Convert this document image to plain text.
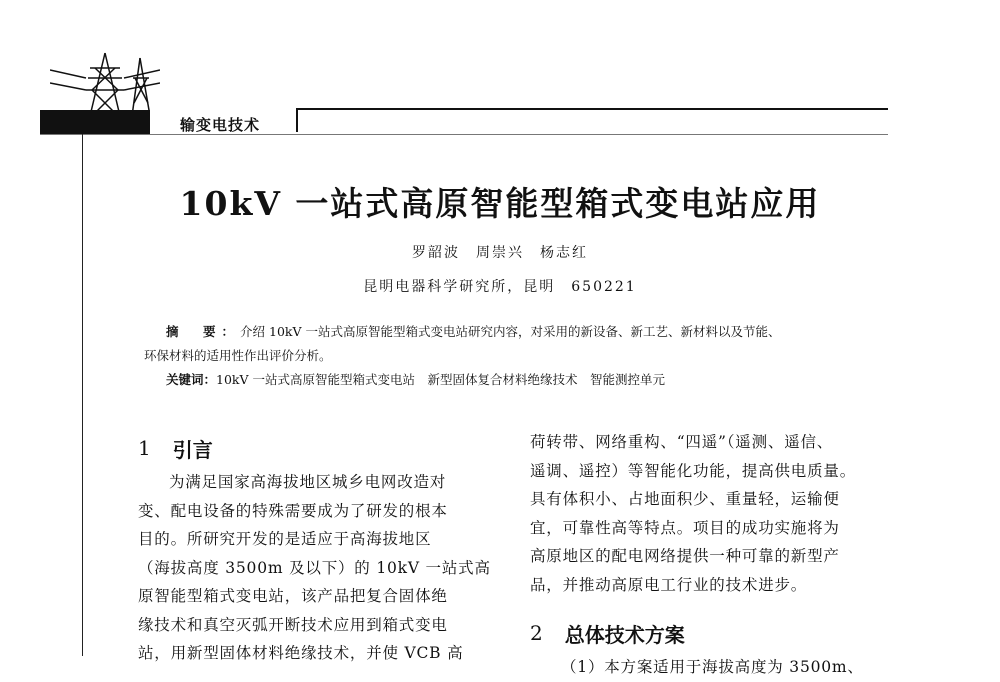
输变电技术
10kV 一站式高原智能型箱式变电站应用
罗韶波　周崇兴　杨志红
昆明电器科学研究所，昆明　650221
摘　要：介绍 10kV 一站式高原智能型箱式变电站研究内容，对采用的新设备、新工艺、新材料以及节能、
环保材料的适用性作出评价分析。
关键词：10kV 一站式高原智能型箱式变电站　新型固体复合材料绝缘技术　智能测控单元
1 引言

为满足国家高海拔地区城乡电网改造对

变、配电设备的特殊需要成为了研发的根本

目的。所研究开发的是适应于高海拔地区

（海拔高度 3500m 及以下）的 10kV 一站式高

原智能型箱式变电站，该产品把复合固体绝

缘技术和真空灭弧开断技术应用到箱式变电

站，用新型固体材料绝缘技术，并使 VCB 高

荷转带、网络重构、“四遥”（遥测、遥信、

遥调、遥控）等智能化功能，提高供电质量。

具有体积小、占地面积少、重量轻，运输便

宜，可靠性高等特点。项目的成功实施将为

高原地区的配电网络提供一种可靠的新型产

品，并推动高原电工行业的技术进步。

2 总体技术方案

（1）本方案适用于海拔高度为 3500m、
